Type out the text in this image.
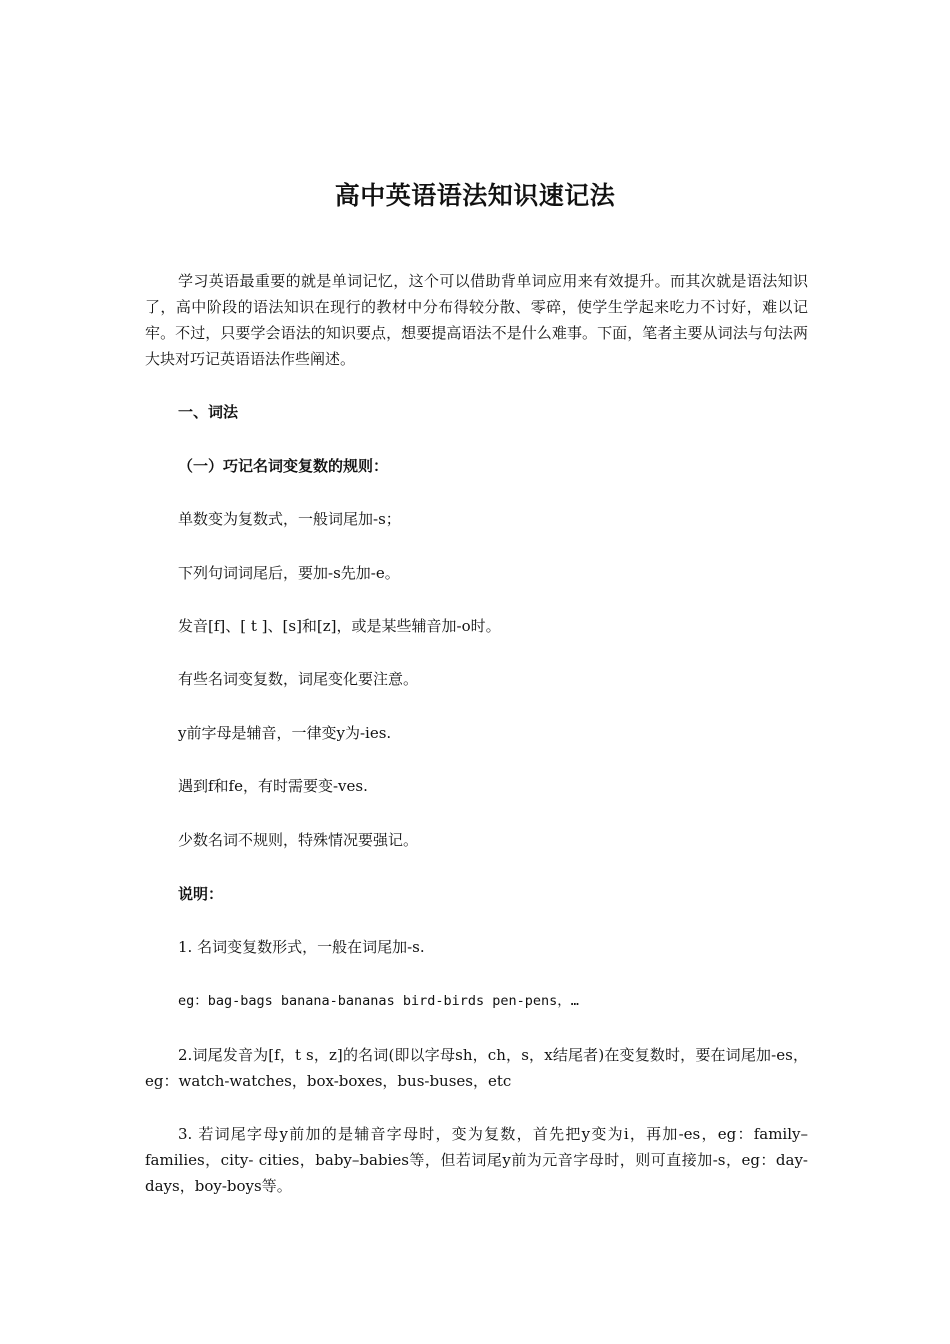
高中英语语法知识速记法

学习英语最重要的就是单词记忆，这个可以借助背单词应用来有效提升。而其次就是语法知识了，高中阶段的语法知识在现行的教材中分布得较分散、零碎，使学生学起来吃力不讨好，难以记牢。不过，只要学会语法的知识要点，想要提高语法不是什么难事。下面，笔者主要从词法与句法两大块对巧记英语语法作些阐述。

一、词法

（一）巧记名词变复数的规则：

单数变为复数式，一般词尾加-s；

下列句词词尾后，要加-s先加-e。

发音[f]、[ t ]、[s]和[z]，或是某些辅音加-o时。

有些名词变复数，词尾变化要注意。

y前字母是辅音，一律变y为-ies.

遇到f和fe，有时需要变-ves.

少数名词不规则，特殊情况要强记。

说明：

1. 名词变复数形式，一般在词尾加-s.

eg：bag-bags banana-bananas bird-birds pen-pens，…

2.词尾发音为[f，t s，z]的名词(即以字母sh，ch，s，x结尾者)在变复数时，要在词尾加-es，eg：watch-watches，box-boxes，bus-buses，etc

3. 若词尾字母y前加的是辅音字母时，变为复数，首先把y变为i，再加-es，eg：family–families，city- cities，baby–babies等，但若词尾y前为元音字母时，则可直接加-s，eg：day-days，boy-boys等。
